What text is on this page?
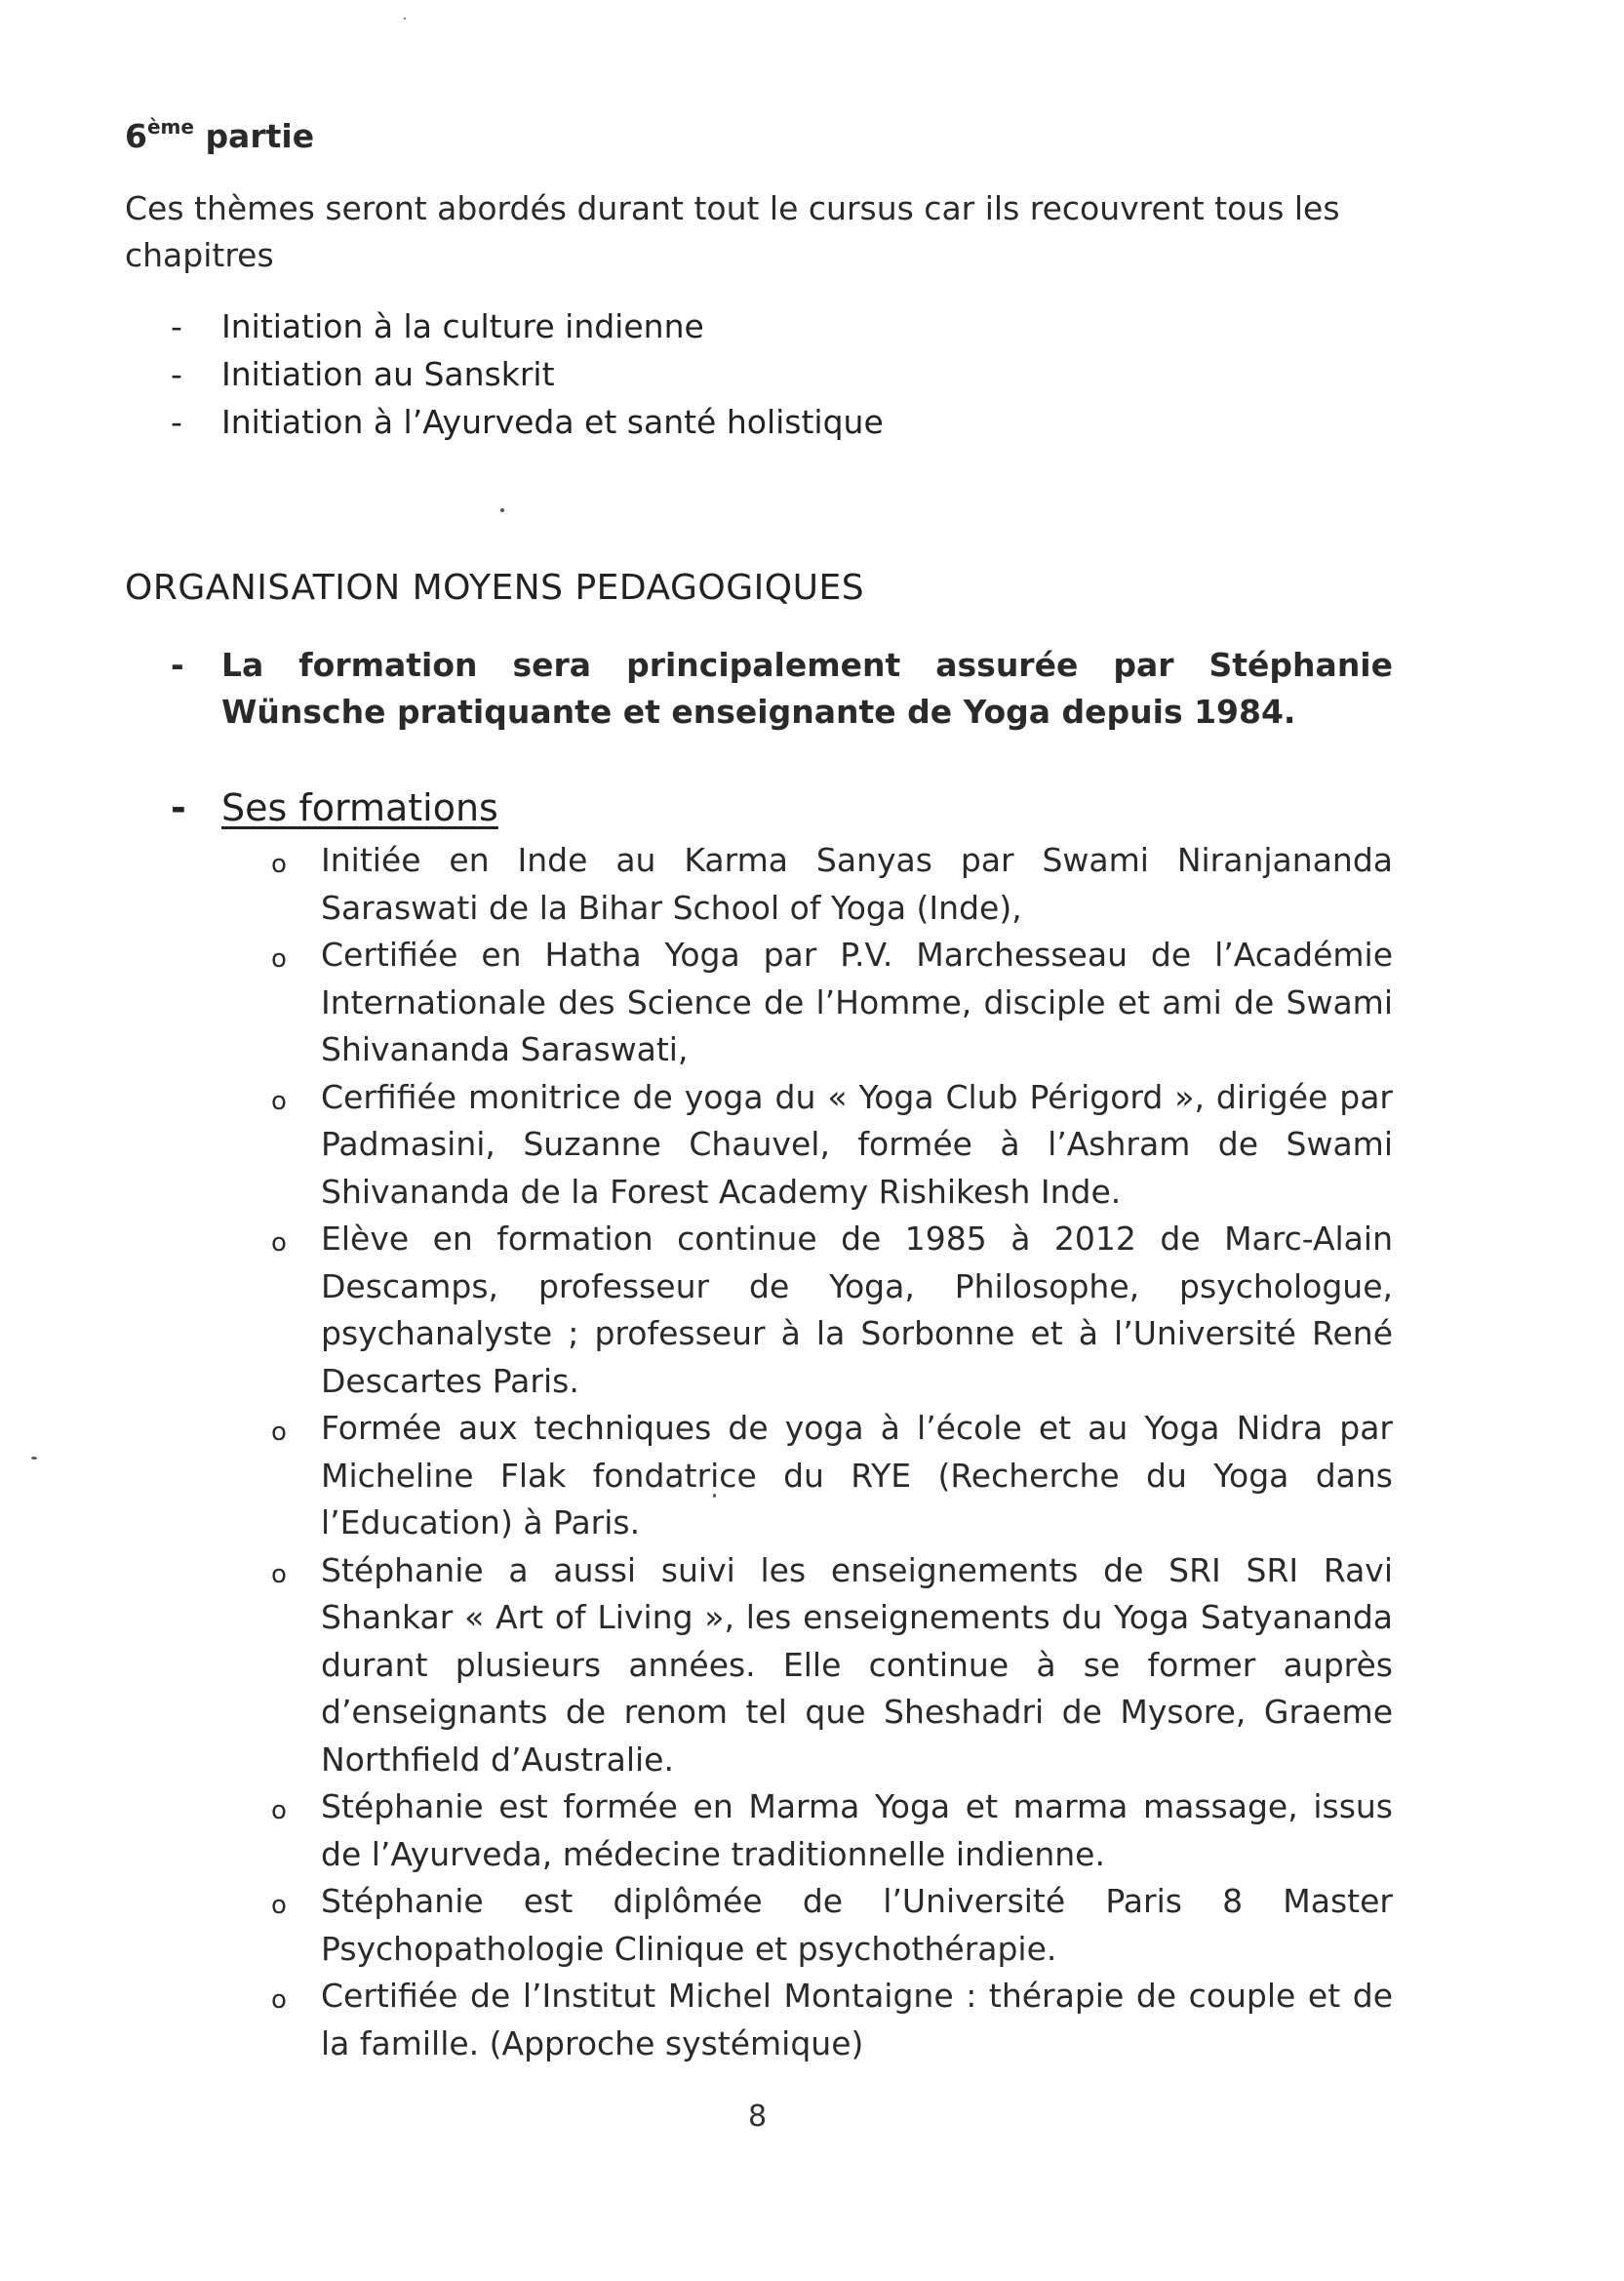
6ème partie
Ces thèmes seront abordés durant tout le cursus car ils recouvrent tous les chapitres
- Initiation à la culture indienne
- Initiation au Sanskrit
- Initiation à l’Ayurveda et santé holistique
ORGANISATION MOYENS PEDAGOGIQUES
- La formation sera principalement assurée par Stéphanie Wünsche pratiquante et enseignante de Yoga depuis 1984.
- Ses formations
o Initiée en Inde au Karma Sanyas par Swami Niranjananda Saraswati de la Bihar School of Yoga (Inde),
o Certifiée en Hatha Yoga par P.V. Marchesseau de l’Académie Internationale des Science de l’Homme, disciple et ami de Swami Shivananda Saraswati,
o Cerfifiée monitrice de yoga du « Yoga Club Périgord », dirigée par Padmasini, Suzanne Chauvel, formée à l’Ashram de Swami Shivananda de la Forest Academy Rishikesh Inde.
o Elève en formation continue de 1985 à 2012 de Marc-Alain Descamps, professeur de Yoga, Philosophe, psychologue, psychanalyste ; professeur à la Sorbonne et à l’Université René Descartes Paris.
o Formée aux techniques de yoga à l’école et au Yoga Nidra par Micheline Flak fondatrice du RYE (Recherche du Yoga dans l’Education) à Paris.
o Stéphanie a aussi suivi les enseignements de SRI SRI Ravi Shankar « Art of Living », les enseignements du Yoga Satyananda durant plusieurs années. Elle continue à se former auprès d’enseignants de renom tel que Sheshadri de Mysore, Graeme Northfield d’Australie.
o Stéphanie est formée en Marma Yoga et marma massage, issus de l’Ayurveda, médecine traditionnelle indienne.
o Stéphanie est diplômée de l’Université Paris 8 Master Psychopathologie Clinique et psychothérapie.
o Certifiée de l’Institut Michel Montaigne : thérapie de couple et de la famille. (Approche systémique)
8
